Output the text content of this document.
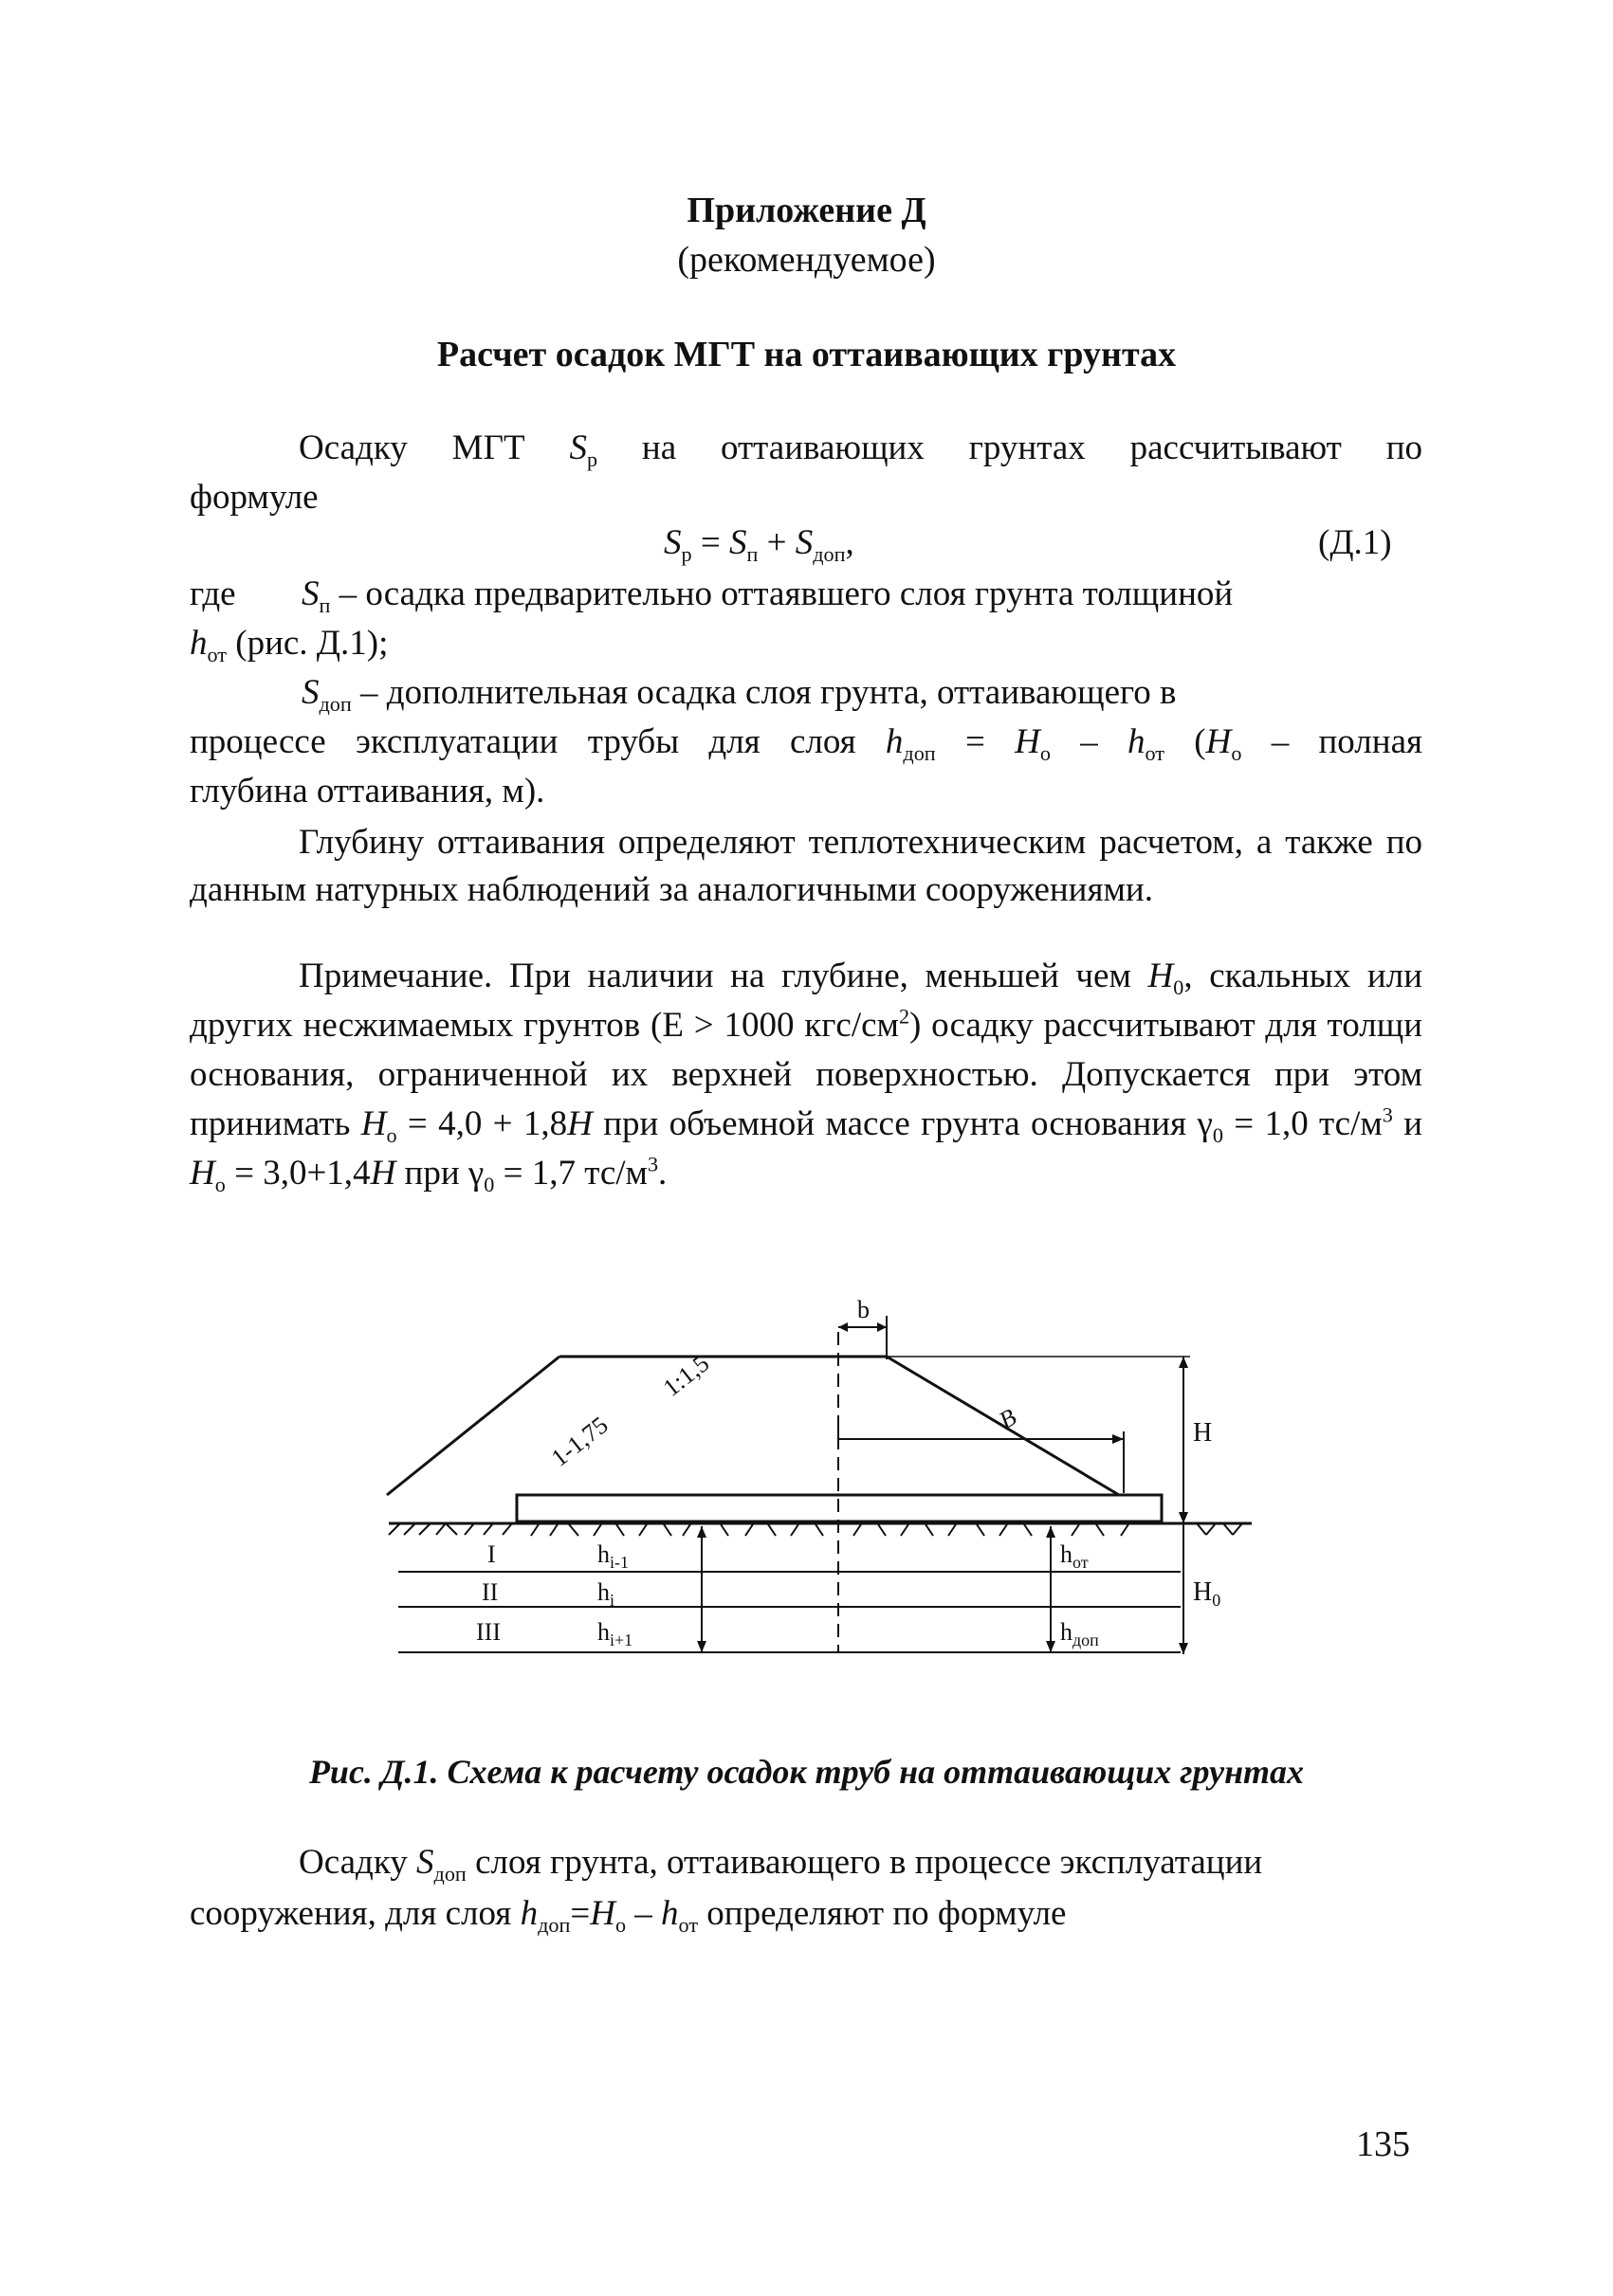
Приложение Д
(рекомендуемое)
Расчет осадок МГТ на оттаивающих грунтах
Осадку МГТ $S_р$ на оттаивающих грунтах рассчитывают по
формуле
$S_р = S_п + S_{доп}$,	(Д.1)
где $S_п$ – осадка предварительно оттаявшего слоя грунта толщиной
$h_{от}$ (рис. Д.1);
$S_{доп}$ – дополнительная осадка слоя грунта, оттаивающего в
процессе эксплуатации трубы для слоя $h_{доп} = H_о - h_{от}$ ($H_о$ – полная
глубина оттаивания, м).
Глубину оттаивания определяют теплотехническим расчетом, а также по данным натурных наблюдений за аналогичными сооружениями.
Примечание. При наличии на глубине, меньшей чем $H_0$, скальных или других несжимаемых грунтов (Е > 1000 кгс/$см^2$) осадку рассчитывают для толщи основания, ограниченной их верхней поверхностью. Допускается при этом принимать $H_о = 4,0 + 1,8H$ при объемной массе грунта основания $\gamma_0 = 1,0$ $тс/м^3$ и $H_о = 3,0+1,4H$ при $\gamma_0 = 1,7$ $тс/м^3$.
b
1:1,5
1-1,75	B	H
$H_0$
I
II
III
$h_{i-1}$
$h_i$
$h_{i+1}$
$h_{от}$
$h_{доп}$
Рис. Д.1. Схема к расчету осадок труб на оттаивающих грунтах
Осадку $S_{доп}$ слоя грунта, оттаивающего в процессе эксплуатации
сооружения, для слоя $h_{доп}=H_о - h_{от}$ определяют по формуле
135
